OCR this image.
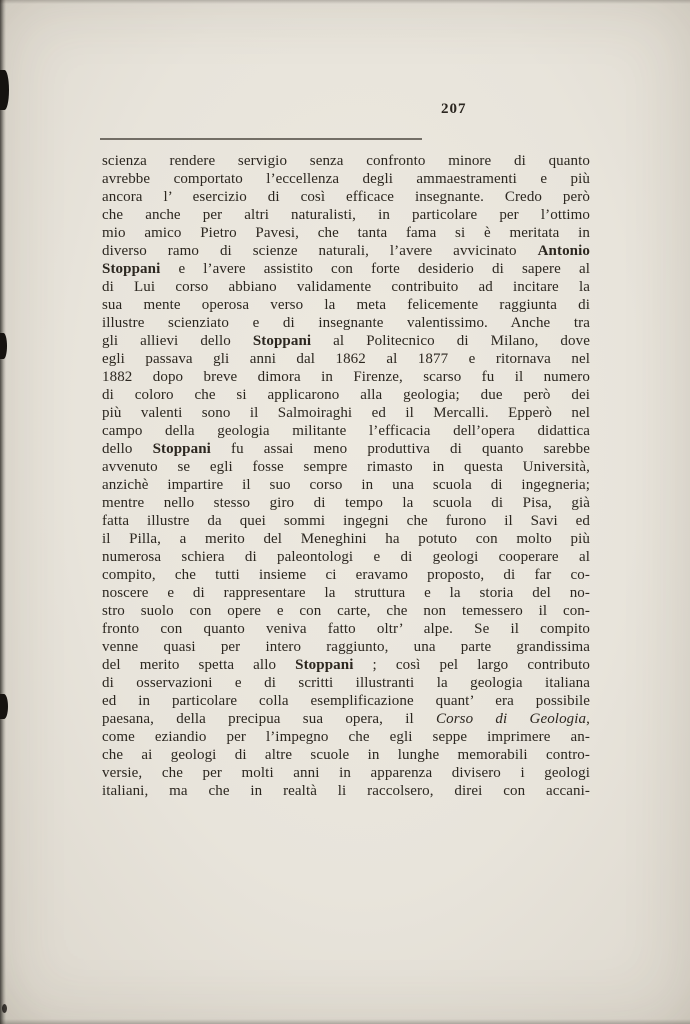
207
scienza rendere servigio senza confronto minore di quanto
avrebbe comportato l’eccellenza degli ammaestramenti e più
ancora l’ esercizio di così efficace insegnante. Credo però
che anche per altri naturalisti, in particolare per l’ottimo
mio amico Pietro Pavesi, che tanta fama si è meritata in
diverso ramo di scienze naturali, l’avere avvicinato Antonio
Stoppani e l’avere assistito con forte desiderio di sapere al
di Lui corso abbiano validamente contribuito ad incitare la
sua mente operosa verso la meta felicemente raggiunta di
illustre scienziato e di insegnante valentissimo. Anche tra
gli allievi dello Stoppani al Politecnico di Milano, dove
egli passava gli anni dal 1862 al 1877 e ritornava nel
1882 dopo breve dimora in Firenze, scarso fu il numero
di coloro che si applicarono alla geologia; due però dei
più valenti sono il Salmoiraghi ed il Mercalli. Epperò nel
campo della geologia militante l’efficacia dell’opera didattica
dello Stoppani fu assai meno produttiva di quanto sarebbe
avvenuto se egli fosse sempre rimasto in questa Università,
anzichè impartire il suo corso in una scuola di ingegneria;
mentre nello stesso giro di tempo la scuola di Pisa, già
fatta illustre da quei sommi ingegni che furono il Savi ed
il Pilla, a merito del Meneghini ha potuto con molto più
numerosa schiera di paleontologi e di geologi cooperare al
compito, che tutti insieme ci eravamo proposto, di far co-
noscere e di rappresentare la struttura e la storia del no-
stro suolo con opere e con carte, che non temessero il con-
fronto con quanto veniva fatto oltr’ alpe. Se il compito
venne quasi per intero raggiunto, una parte grandissima
del merito spetta allo Stoppani ; così pel largo contributo
di osservazioni e di scritti illustranti la geologia italiana
ed in particolare colla esemplificazione quant’ era possibile
paesana, della precipua sua opera, il Corso di Geologia,
come eziandio per l’impegno che egli seppe imprimere an-
che ai geologi di altre scuole in lunghe memorabili contro-
versie, che per molti anni in apparenza divisero i geologi
italiani, ma che in realtà li raccolsero, direi con accani-
